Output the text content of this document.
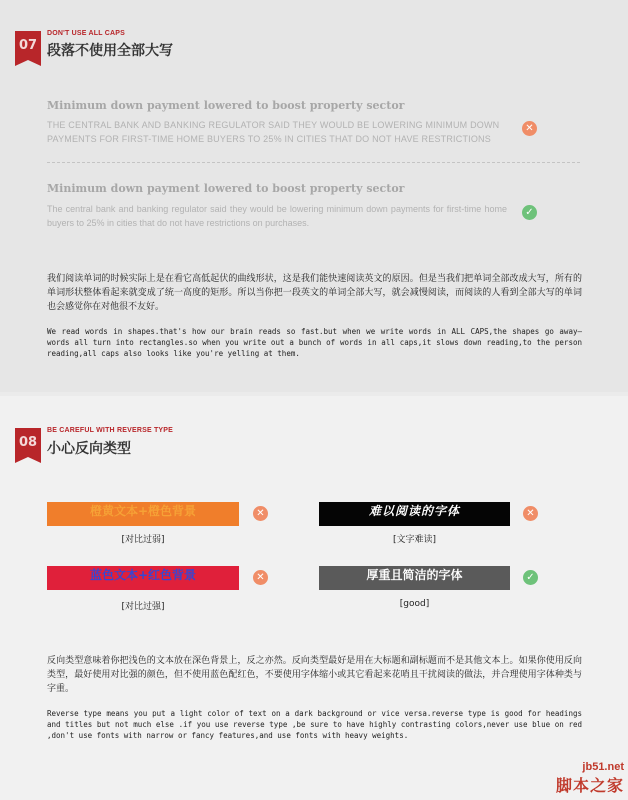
07
DON'T USE ALL CAPS
段落不使用全部大写
Minimum down payment lowered to boost property sector
THE CENTRAL BANK AND BANKING REGULATOR SAID THEY WOULD BE LOWERING MINIMUM DOWN PAYMENTS FOR FIRST-TIME HOME BUYERS TO 25% IN CITIES THAT DO NOT HAVE RESTRICTIONS
✕
Minimum down payment lowered to boost property sector
The central bank and banking regulator said they would be lowering minimum down payments for first-time home buyers to 25% in cities that do not have restrictions on purchases.
✓
我们阅读单词的时候实际上是在看它高低起伏的曲线形状，这是我们能快速阅读英文的原因。但是当我们把单词全部改成大写，所有的单词形状整体看起来就变成了统一高度的矩形。所以当你把一段英文的单词全部大写，就会减慢阅读，而阅读的人看到全部大写的单词也会感觉你在对他很不友好。
We read words in shapes.that's how our brain reads so fast.but when we write words in ALL CAPS,the shapes go away—words all turn into rectangles.so when you write out a bunch of words in all caps,it slows down reading,to the person reading,all caps also looks like you're yelling at them.
08
BE CAREFUL WITH REVERSE TYPE
小心反向类型
橙黄文本+橙色背景	✕
[对比过弱]
难以阅读的字体	✕
[文字难读]
蓝色文本+红色背景	✕
[对比过强]
厚重且简洁的字体	✓
[good]
反向类型意味着你把浅色的文本放在深色背景上，反之亦然。反向类型最好是用在大标题和副标题而不是其他文本上。如果你使用反向类型，最好使用对比强的颜色，但不使用蓝色配红色，不要使用字体缩小或其它看起来花哨且干扰阅读的做法，并合理使用字体种类与字重。
Reverse type means you put a light color of text on a dark background or vice versa.reverse type is good for headings and titles but not much else .if you use reverse type ,be sure to have highly contrasting colors,never use blue on red ,don't use fonts with narrow or fancy features,and use fonts with heavy weights.
jb51.net
脚本之家
